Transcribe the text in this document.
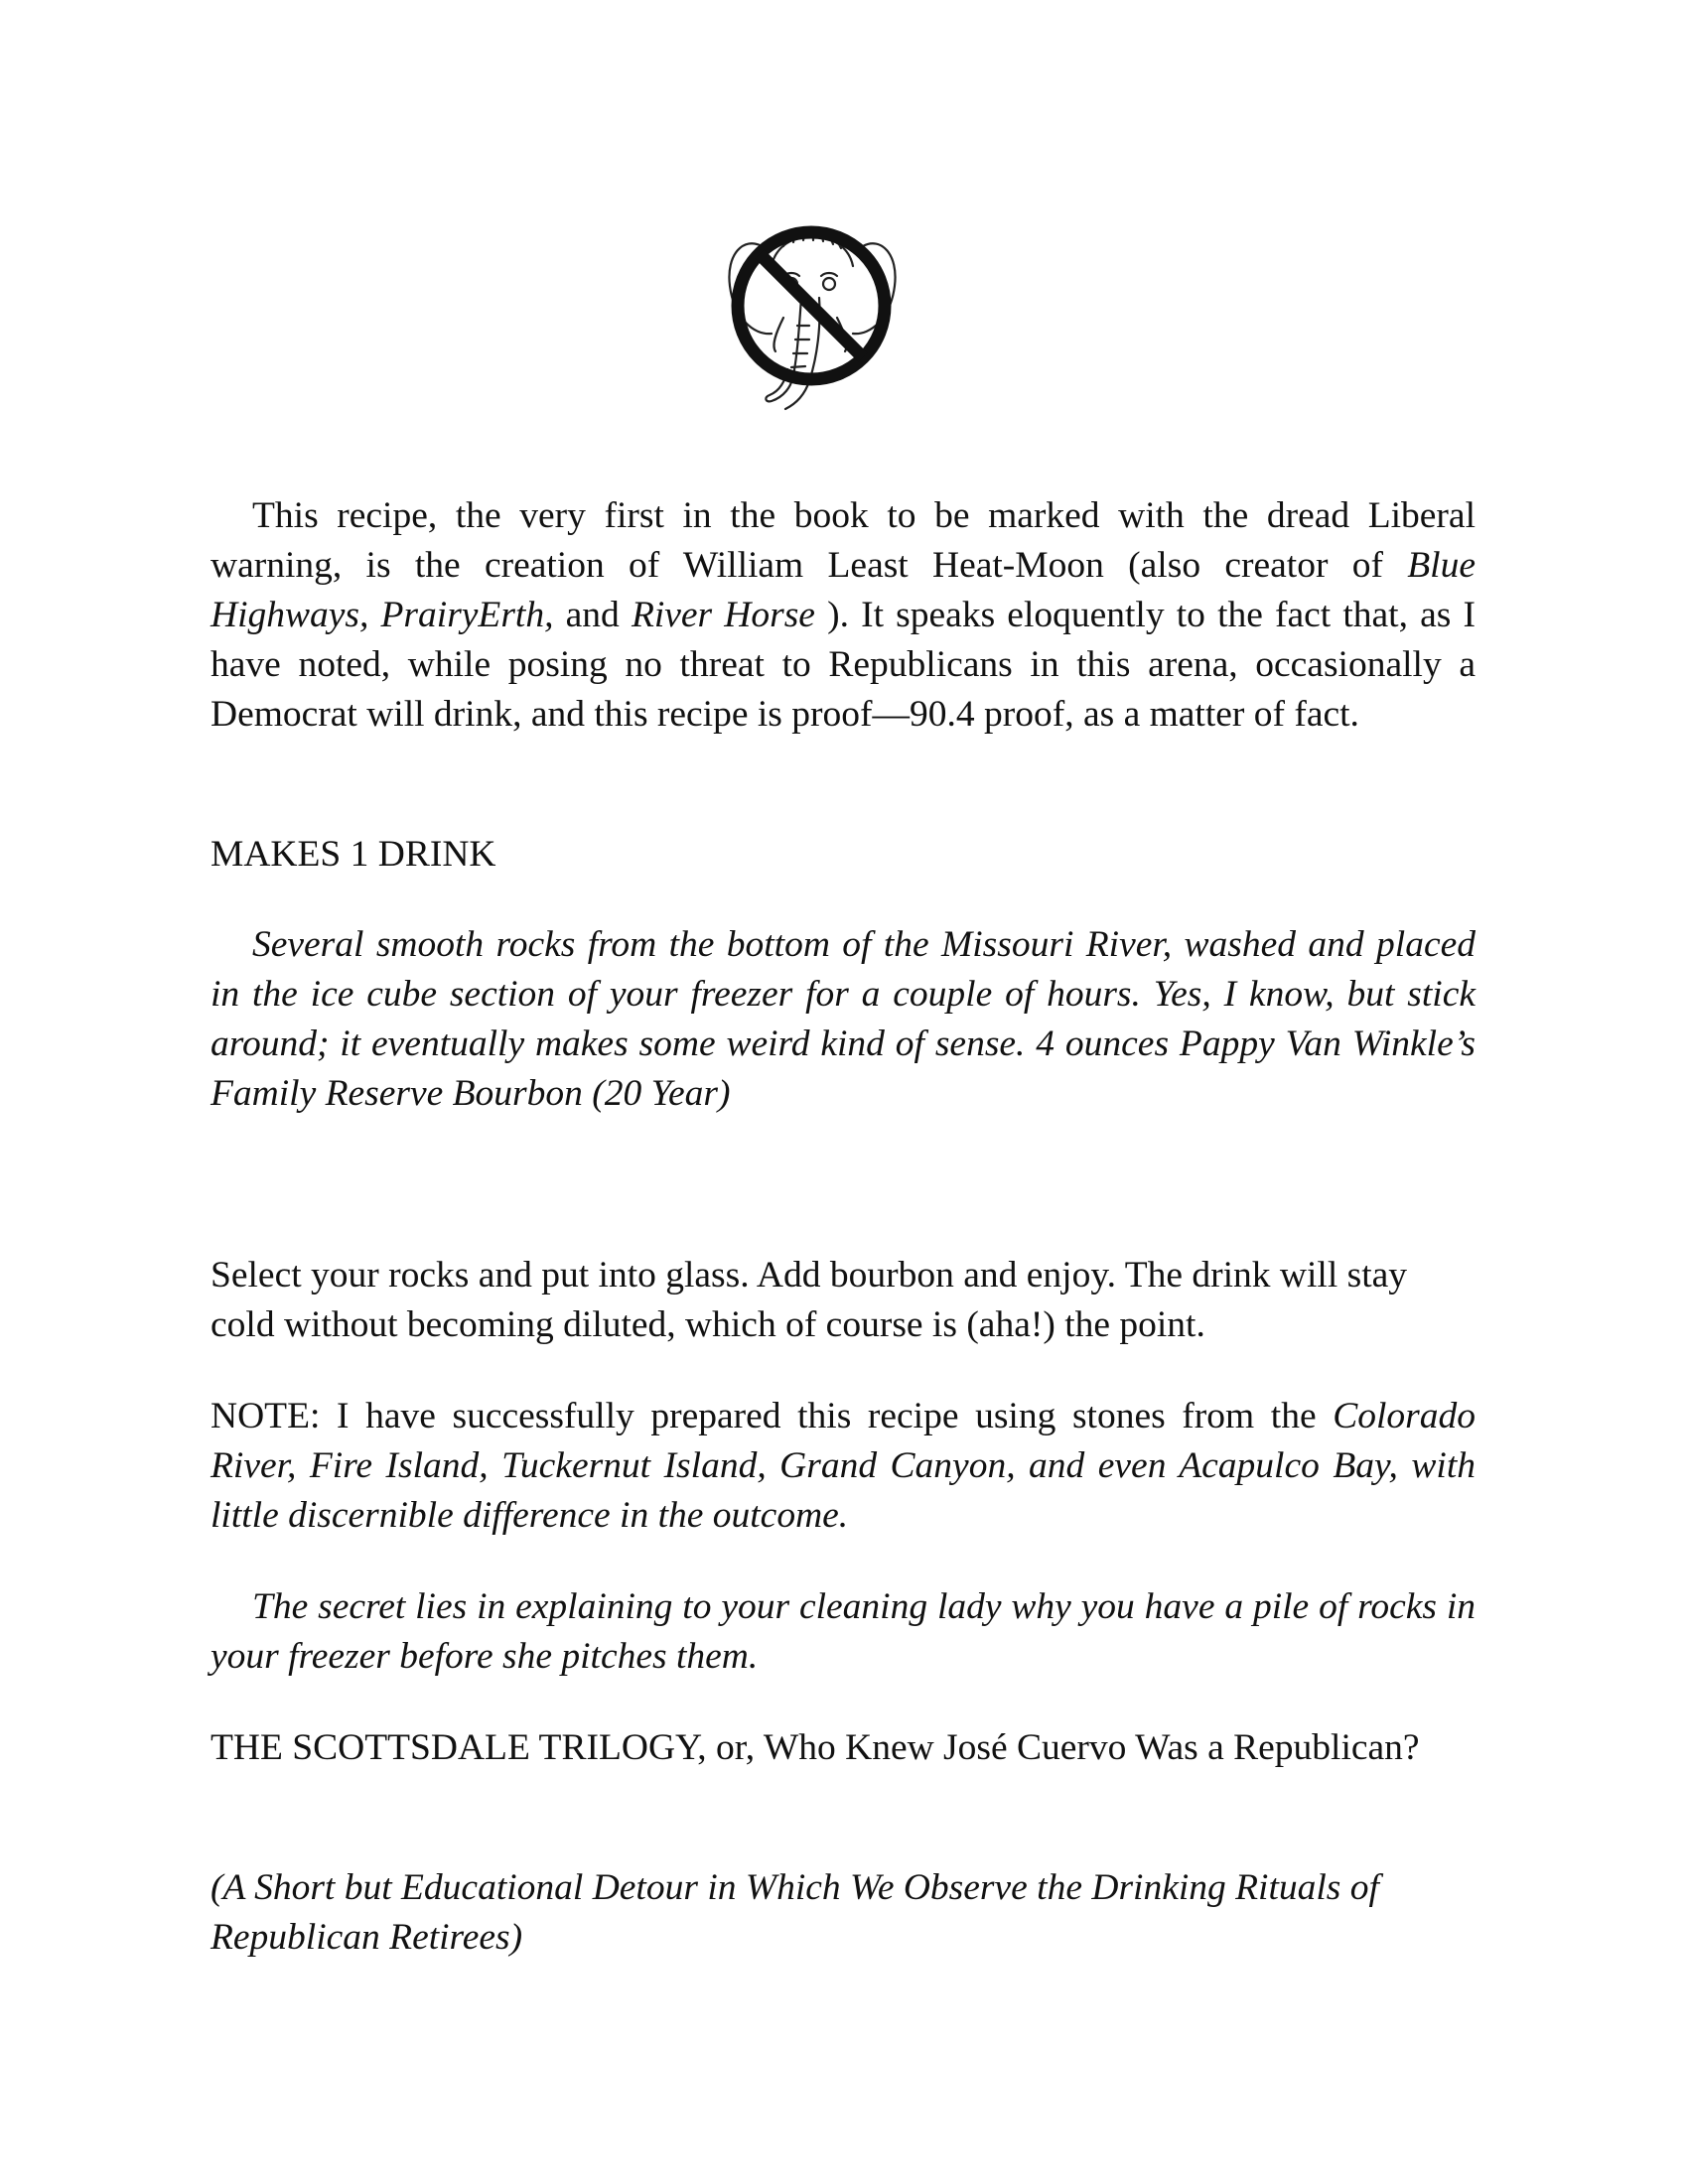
This recipe, the very first in the book to be marked with the dread Liberal warning, is the creation of William Least Heat-Moon (also creator of Blue Highways, PrairyErth, and River Horse ). It speaks eloquently to the fact that, as I have noted, while posing no threat to Republicans in this arena, occasionally a Democrat will drink, and this recipe is proof—90.4 proof, as a matter of fact.

MAKES 1 DRINK

Several smooth rocks from the bottom of the Missouri River, washed and placed in the ice cube section of your freezer for a couple of hours. Yes, I know, but stick around; it eventually makes some weird kind of sense. 4 ounces Pappy Van Winkle’s Family Reserve Bourbon (20 Year)

Select your rocks and put into glass. Add bourbon and enjoy. The drink will stay cold without becoming diluted, which of course is (aha!) the point.

NOTE: I have successfully prepared this recipe using stones from the Colorado River, Fire Island, Tuckernut Island, Grand Canyon, and even Acapulco Bay, with little discernible difference in the outcome.

The secret lies in explaining to your cleaning lady why you have a pile of rocks in your freezer before she pitches them.

THE SCOTTSDALE TRILOGY, or, Who Knew José Cuervo Was a Republican?

(A Short but Educational Detour in Which We Observe the Drinking Rituals of Republican Retirees)
